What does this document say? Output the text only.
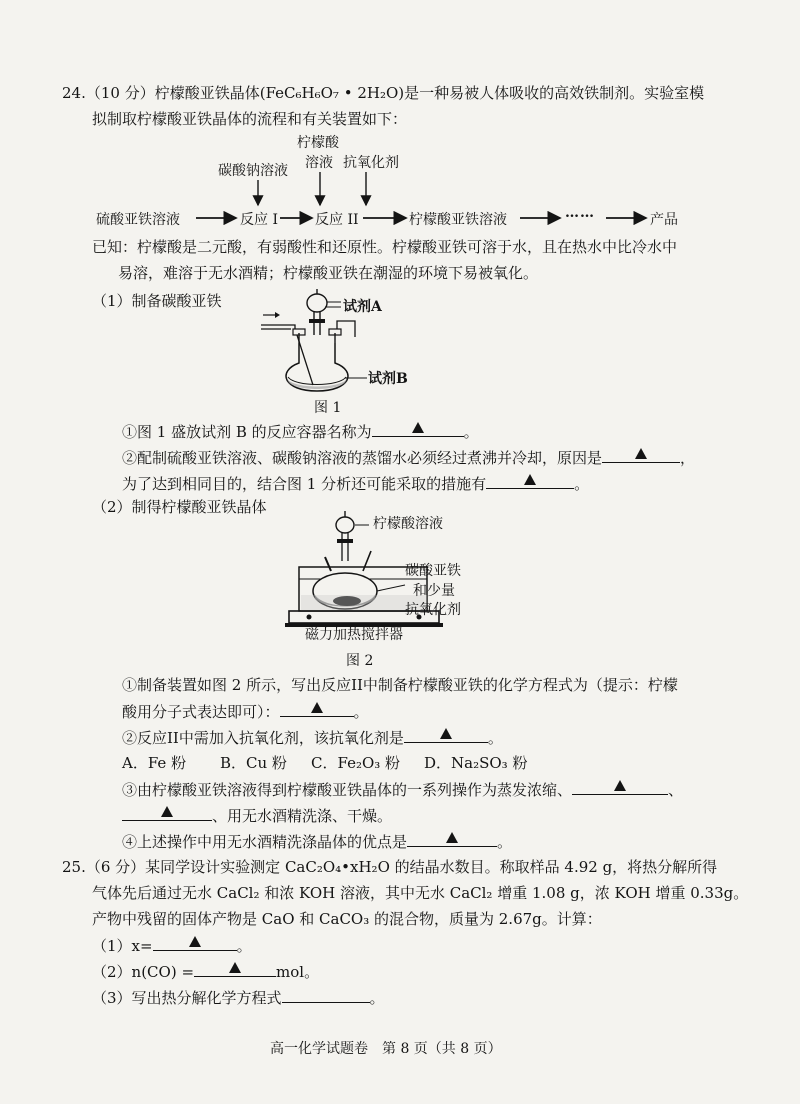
24.（10 分）柠檬酸亚铁晶体(FeC₆H₆O₇ • 2H₂O)是一种易被人体吸收的高效铁制剂。实验室模
拟制取柠檬酸亚铁晶体的流程和有关装置如下：
柠檬酸
溶液 抗氧化剂
碳酸钠溶液
硫酸亚铁溶液	反应 I	反应 II	柠檬酸亚铁溶液	……	产品
已知：柠檬酸是二元酸，有弱酸性和还原性。柠檬酸亚铁可溶于水，且在热水中比冷水中
易溶，难溶于无水酒精；柠檬酸亚铁在潮湿的环境下易被氧化。
（1）制备碳酸亚铁	试剂A
试剂B
图 1
①图 1 盛放试剂 B 的反应容器名称为	。
②配制硫酸亚铁溶液、碳酸钠溶液的蒸馏水必须经过煮沸并冷却，原因是	，
为了达到相同目的，结合图 1 分析还可能采取的措施有	。
（2）制得柠檬酸亚铁晶体
柠檬酸溶液
碳酸亚铁
和少量
抗氧化剂
磁力加热搅拌器
图 2
①制备装置如图 2 所示，写出反应II中制备柠檬酸亚铁的化学方程式为（提示：柠檬
酸用分子式表达即可）：	。
②反应II中需加入抗氧化剂，该抗氧化剂是	。
A．Fe 粉 B．Cu 粉 C．Fe₂O₃ 粉 D．Na₂SO₃ 粉
③由柠檬酸亚铁溶液得到柠檬酸亚铁晶体的一系列操作为蒸发浓缩、	、
、用无水酒精洗涤、干燥。
④上述操作中用无水酒精洗涤晶体的优点是	。
25.（6 分）某同学设计实验测定 CaC₂O₄•xH₂O 的结晶水数目。称取样品 4.92 g，将热分解所得
气体先后通过无水 CaCl₂ 和浓 KOH 溶液，其中无水 CaCl₂ 增重 1.08 g，浓 KOH 增重 0.33g。
产物中残留的固体产物是 CaO 和 CaCO₃ 的混合物，质量为 2.67g。计算：
（1）x=	。
（2）n(CO) =	mol。
（3）写出热分解化学方程式	。
高一化学试题卷　第 8 页（共 8 页）
